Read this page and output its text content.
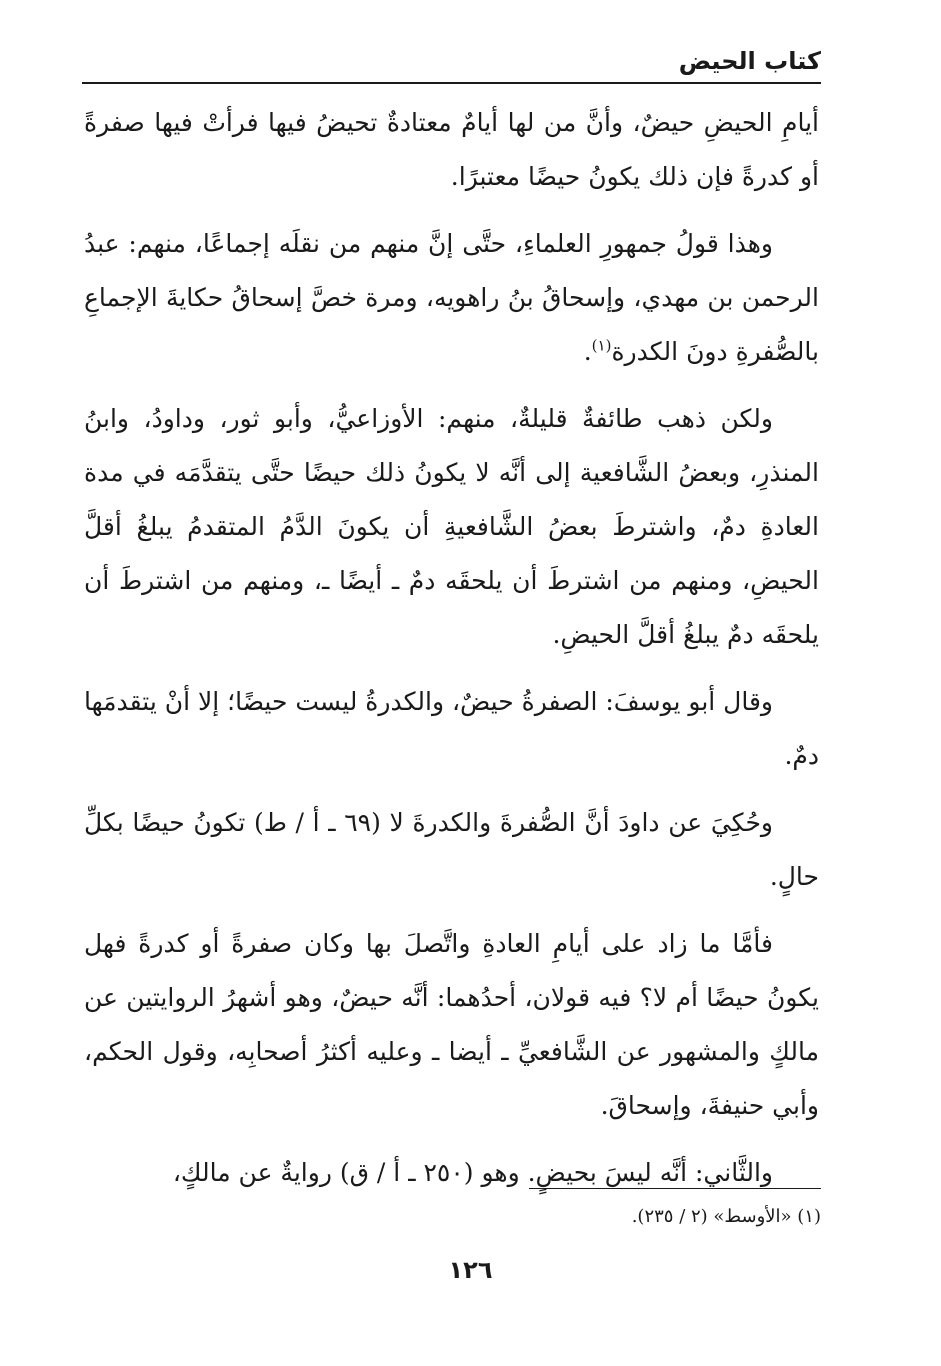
كتاب الحيض

أيامِ الحيضِ حيضٌ، وأنَّ من لها أيامٌ معتادةٌ تحيضُ فيها فرأتْ فيها صفرةً أو كدرةً فإن ذلك يكونُ حيضًا معتبرًا.

وهذا قولُ جمهورِ العلماءِ، حتَّى إنَّ منهم من نقلَه إجماعًا، منهم: عبدُ الرحمن بن مهدي، وإسحاقُ بنُ راهويه، ومرة خصَّ إسحاقُ حكايةَ الإجماعِ بالصُّفرةِ دونَ الكدرة$^{(١)}$.

ولكن ذهب طائفةٌ قليلةٌ، منهم: الأوزاعيُّ، وأبو ثور، وداودُ، وابنُ المنذرِ، وبعضُ الشَّافعية إلى أنَّه لا يكونُ ذلك حيضًا حتَّى يتقدَّمَه في مدة العادةِ دمٌ، واشترطَ بعضُ الشَّافعيةِ أن يكونَ الدَّمُ المتقدمُ يبلغُ أقلَّ الحيضِ، ومنهم من اشترطَ أن يلحقَه دمٌ ـ أيضًا ـ، ومنهم من اشترطَ أن يلحقَه دمٌ يبلغُ أقلَّ الحيضِ.

وقال أبو يوسفَ: الصفرةُ حيضٌ، والكدرةُ ليست حيضًا؛ إلا أنْ يتقدمَها دمٌ.

وحُكِيَ عن داودَ أنَّ الصُّفرةَ والكدرةَ لا (٦٩ ـ أ / ط) تكونُ حيضًا بكلِّ حالٍ.

فأمَّا ما زاد على أيامِ العادةِ واتَّصلَ بها وكان صفرةً أو كدرةً فهل يكونُ حيضًا أم لا؟ فيه قولان، أحدُهما: أنَّه حيضٌ، وهو أشهرُ الروايتين عن مالكٍ والمشهور عن الشَّافعيِّ ـ أيضا ـ وعليه أكثرُ أصحابِه، وقول الحكم، وأبي حنيفةَ، وإسحاقَ.

والثَّاني: أنَّه ليسَ بحيضٍ. وهو (٢٥٠ ـ أ / ق) روايةٌ عن مالكٍ،

(١) «الأوسط» (٢ / ٢٣٥).
١٢٦
